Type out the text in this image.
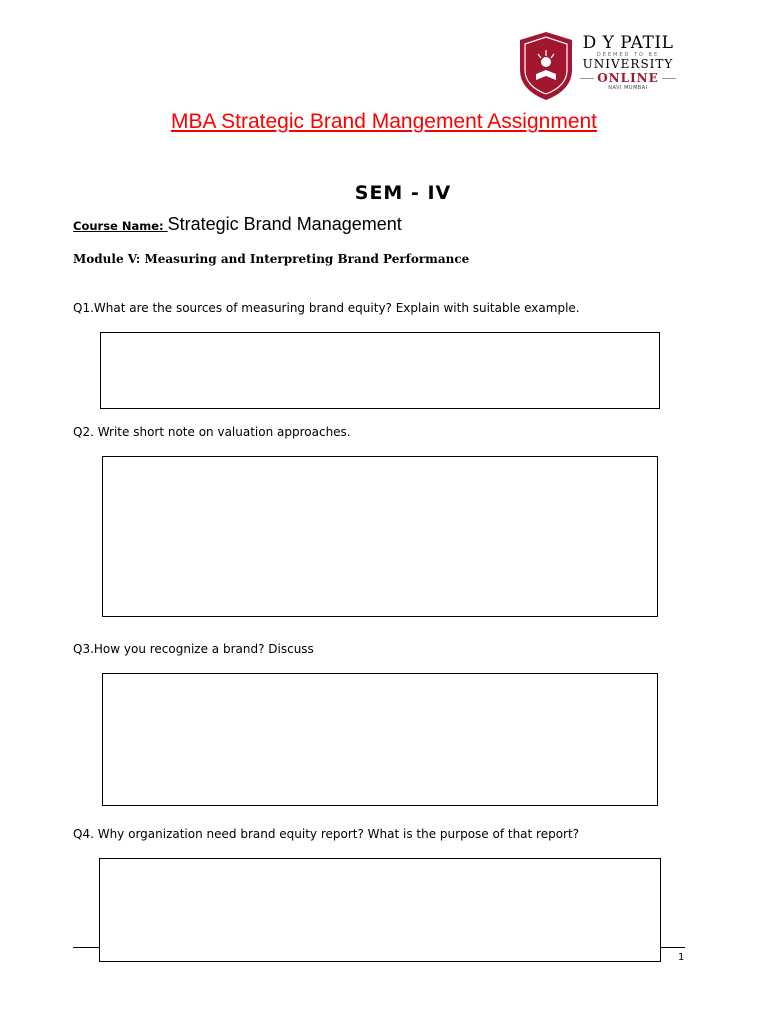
D Y PATIL
DEEMED TO BE
UNIVERSITY
ONLINE
NAVI MUMBAI
MBA Strategic Brand Mangement Assignment
SEM - IV
Course Name: Strategic Brand Management
Module V: Measuring and Interpreting Brand Performance
Q1.What are the sources of measuring brand equity? Explain with suitable example.
Q2. Write short note on valuation approaches.
Q3.How you recognize a brand? Discuss
Q4. Why organization need brand equity report? What is the purpose of that report?
1
